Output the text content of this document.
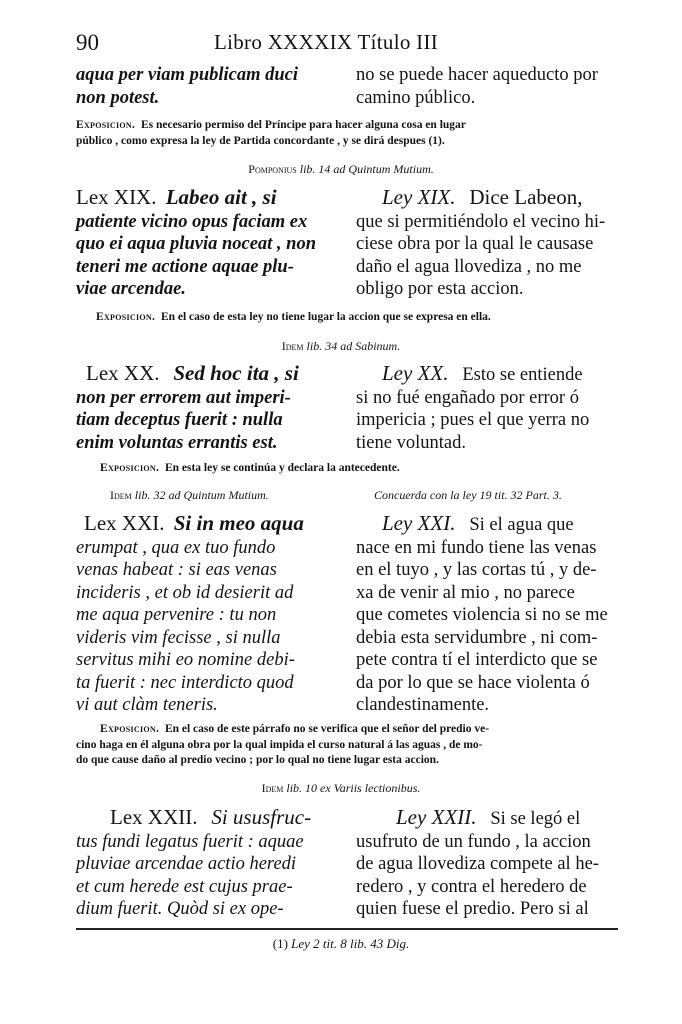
90	Libro XXXXIX Título III
aqua per viam publicam duci
non potest.
no se puede hacer aqueducto por
camino público.
Exposicion. Es necesario permiso del Príncipe para hacer alguna cosa en lugar
público , como expresa la ley de Partida concordante , y se dirá despues (1).
Pomponius lib. 14 ad Quintum Mutium.
Lex XIX. Labeo ait , si
patiente vicino opus faciam ex
quo ei aqua pluvia noceat , non
teneri me actione aquae plu-
viae arcendae.
Ley XIX. Dice Labeon,
que si permitiéndolo el vecino hi-
ciese obra por la qual le causase
daño el agua llovediza , no me
obligo por esta accion.
Exposicion. En el caso de esta ley no tiene lugar la accion que se expresa en ella.
Idem lib. 34 ad Sabinum.
Lex XX. Sed hoc ita , si
non per errorem aut imperi-
tiam deceptus fuerit : nulla
enim voluntas errantis est.
Ley XX. Esto se entiende
si no fué engañado por error ó
impericia ; pues el que yerra no
tiene voluntad.
Exposicion. En esta ley se continúa y declara la antecedente.
Idem lib. 32 ad Quintum Mutium.	Concuerda con la ley 19 tit. 32 Part. 3.
Lex XXI. Si in meo aqua
erumpat , qua ex tuo fundo
venas habeat : si eas venas
incideris , et ob id desierit ad
me aqua pervenire : tu non
videris vim fecisse , si nulla
servitus mihi eo nomine debi-
ta fuerit : nec interdicto quod
vi aut clàm teneris.
Ley XXI. Si el agua que
nace en mi fundo tiene las venas
en el tuyo , y las cortas tú , y de-
xa de venir al mio , no parece
que cometes violencia si no se me
debia esta servidumbre , ni com-
pete contra tí el interdicto que se
da por lo que se hace violenta ó
clandestinamente.
Exposicion. En el caso de este párrafo no se verifica que el señor del predio ve-
cino haga en él alguna obra por la qual impida el curso natural á las aguas , de mo-
do que cause daño al predio vecino ; por lo qual no tiene lugar esta accion.
Idem lib. 10 ex Variis lectionibus.
Lex XXII. Si ususfruc-
tus fundi legatus fuerit : aquae
pluviae arcendae actio heredi
et cum herede est cujus prae-
dium fuerit. Quòd si ex ope-
Ley XXII. Si se legó el
usufruto de un fundo , la accion
de agua llovediza compete al he-
redero , y contra el heredero de
quien fuese el predio. Pero si al
(1) Ley 2 tit. 8 lib. 43 Dig.
